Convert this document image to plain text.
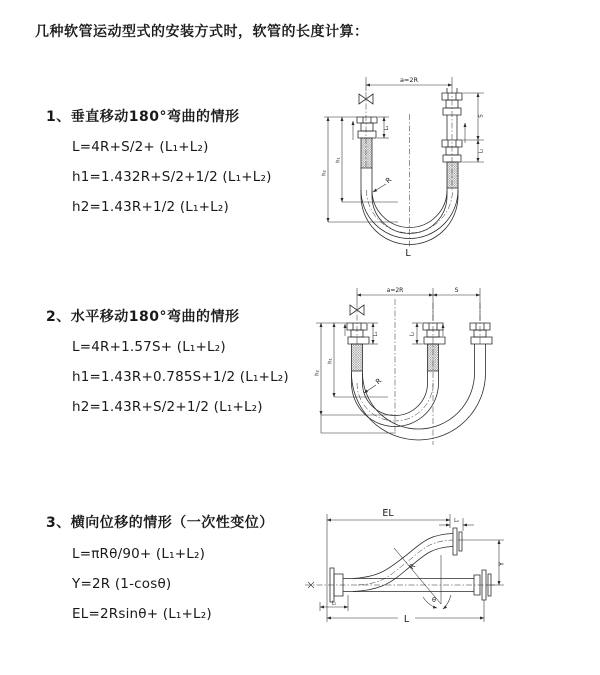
几种软管运动型式的安装方式时，软管的长度计算：
1、垂直移动180°弯曲的情形
L=4R+S/2+ (L₁+L₂)
h1=1.432R+S/2+1/2 (L₁+L₂)
h2=1.43R+1/2 (L₁+L₂)
2、水平移动180°弯曲的情形
L=4R+1.57S+ (L₁+L₂)
h1=1.43R+0.785S+1/2 (L₁+L₂)
h2=1.43R+S/2+1/2 (L₁+L₂)
3、横向位移的情形（一次性变位）
L=πRθ/90+ (L₁+L₂)
Y=2R (1-cosθ)
EL=2Rsinθ+ (L₁+L₂)
a=2R
h₁
h₂
L₁
S
L₂
R
L
a=2R	S
L₁	L₂
h₁
h₂
R
EL
L₂
R
θ
Y
L₁
L
